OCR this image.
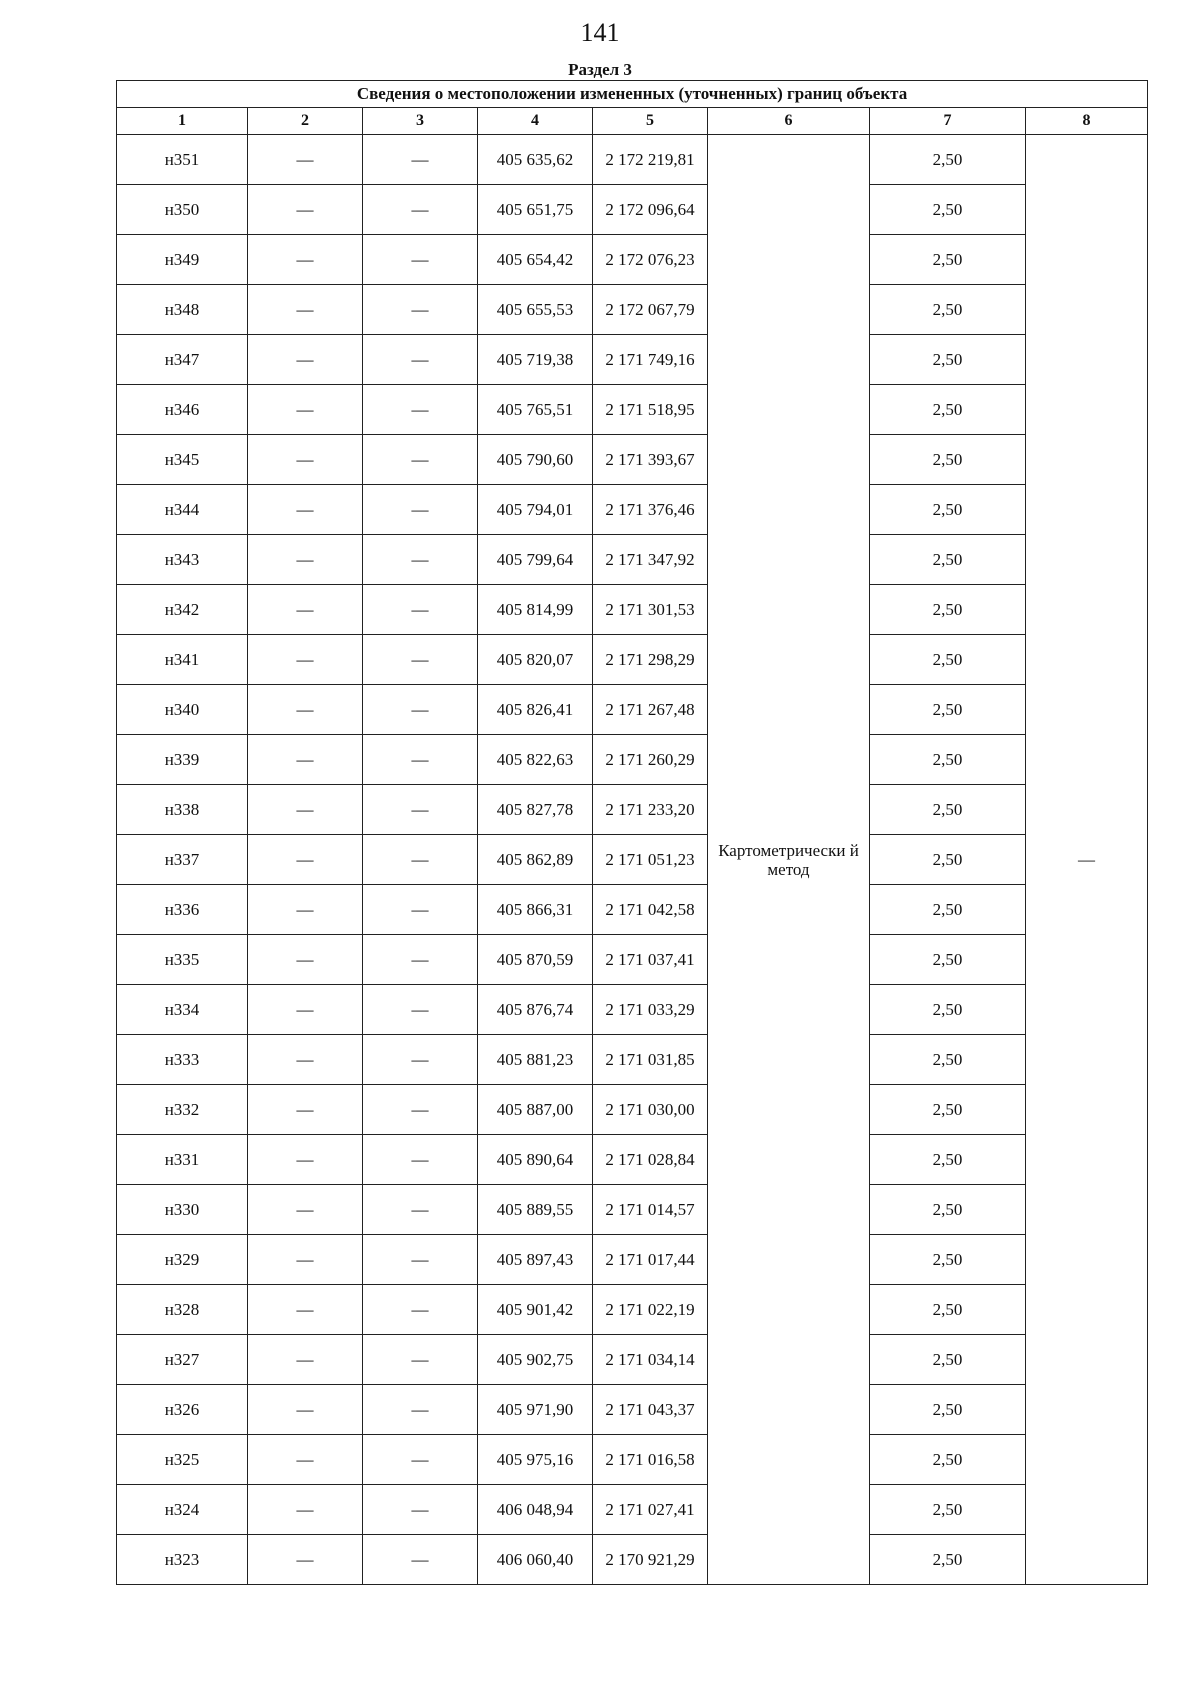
141
Раздел 3
Сведения о местоположении измененных (уточненных) границ объекта							
1	2	3	4	5	6	7	8
н351	—	—	405 635,62	2 172 219,81	Картометрически й метод	2,50	—
н350	—	—	405 651,75	2 172 096,64		2,50	
н349	—	—	405 654,42	2 172 076,23		2,50	
н348	—	—	405 655,53	2 172 067,79		2,50	
н347	—	—	405 719,38	2 171 749,16		2,50	
н346	—	—	405 765,51	2 171 518,95		2,50	
н345	—	—	405 790,60	2 171 393,67		2,50	
н344	—	—	405 794,01	2 171 376,46		2,50	
н343	—	—	405 799,64	2 171 347,92		2,50	
н342	—	—	405 814,99	2 171 301,53		2,50	
н341	—	—	405 820,07	2 171 298,29		2,50	
н340	—	—	405 826,41	2 171 267,48		2,50	
н339	—	—	405 822,63	2 171 260,29		2,50	
н338	—	—	405 827,78	2 171 233,20		2,50	
н337	—	—	405 862,89	2 171 051,23		2,50	
н336	—	—	405 866,31	2 171 042,58		2,50	
н335	—	—	405 870,59	2 171 037,41		2,50	
н334	—	—	405 876,74	2 171 033,29		2,50	
н333	—	—	405 881,23	2 171 031,85		2,50	
н332	—	—	405 887,00	2 171 030,00		2,50	
н331	—	—	405 890,64	2 171 028,84		2,50	
н330	—	—	405 889,55	2 171 014,57		2,50	
н329	—	—	405 897,43	2 171 017,44		2,50	
н328	—	—	405 901,42	2 171 022,19		2,50	
н327	—	—	405 902,75	2 171 034,14		2,50	
н326	—	—	405 971,90	2 171 043,37		2,50	
н325	—	—	405 975,16	2 171 016,58		2,50	
н324	—	—	406 048,94	2 171 027,41		2,50	
н323	—	—	406 060,40	2 170 921,29		2,50	
